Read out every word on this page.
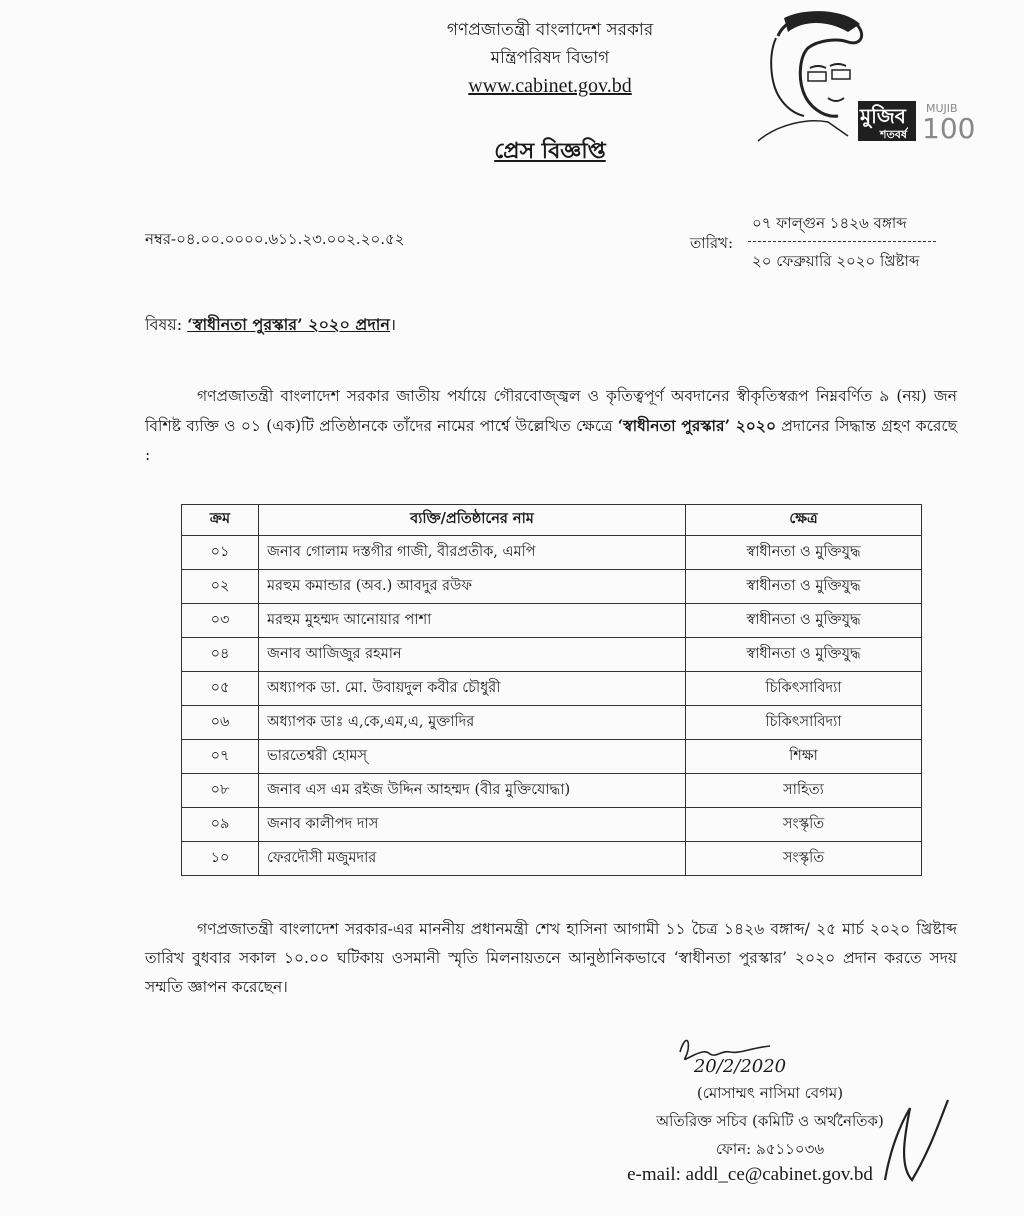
গণপ্রজাতন্ত্রী বাংলাদেশ সরকার
মন্ত্রিপরিষদ বিভাগ
www.cabinet.gov.bd
মুজিব
শতবর্ষ
MUJIB
100
প্রেস বিজ্ঞপ্তি
নম্বর-০৪.০০.০০০০.৬১১.২৩.০০২.২০.৫২
০৭ ফাল্গুন ১৪২৬ বঙ্গাব্দ
তারিখ:
২০ ফেব্রুয়ারি ২০২০ খ্রিষ্টাব্দ
বিষয়: ‘স্বাধীনতা পুরস্কার’ ২০২০ প্রদান।
গণপ্রজাতন্ত্রী বাংলাদেশ সরকার জাতীয় পর্যায়ে গৌরবোজ্জ্বল ও কৃতিত্বপূর্ণ অবদানের স্বীকৃতিস্বরূপ নিম্নবর্ণিত ৯ (নয়) জন বিশিষ্ট ব্যক্তি ও ০১ (এক)টি প্রতিষ্ঠানকে তাঁদের নামের পার্শ্বে উল্লেখিত ক্ষেত্রে ‘স্বাধীনতা পুরস্কার’ ২০২০ প্রদানের সিদ্ধান্ত গ্রহণ করেছে :
ক্রম	ব্যক্তি/প্রতিষ্ঠানের নাম	ক্ষেত্র
০১	জনাব গোলাম দস্তগীর গাজী, বীরপ্রতীক, এমপি	স্বাধীনতা ও মুক্তিযুদ্ধ
০২	মরহুম কমান্ডার (অব.) আবদুর রউফ	স্বাধীনতা ও মুক্তিযুদ্ধ
০৩	মরহুম মুহম্মদ আনোয়ার পাশা	স্বাধীনতা ও মুক্তিযুদ্ধ
০৪	জনাব আজিজুর রহমান	স্বাধীনতা ও মুক্তিযুদ্ধ
০৫	অধ্যাপক ডা. মো. উবায়দুল কবীর চৌধুরী	চিকিৎসাবিদ্যা
০৬	অধ্যাপক ডাঃ এ,কে,এম,এ, মুক্তাদির	চিকিৎসাবিদ্যা
০৭	ভারতেশ্বরী হোমস্	শিক্ষা
০৮	জনাব এস এম রইজ উদ্দিন আহম্মদ (বীর মুক্তিযোদ্ধা)	সাহিত্য
০৯	জনাব কালীপদ দাস	সংস্কৃতি
১০	ফেরদৌসী মজুমদার	সংস্কৃতি
গণপ্রজাতন্ত্রী বাংলাদেশ সরকার-এর মাননীয় প্রধানমন্ত্রী শেখ হাসিনা আগামী ১১ চৈত্র ১৪২৬ বঙ্গাব্দ/ ২৫ মার্চ ২০২০ খ্রিষ্টাব্দ তারিখ বুধবার সকাল ১০.০০ ঘটিকায় ওসমানী স্মৃতি মিলনায়তনে আনুষ্ঠানিকভাবে ‘স্বাধীনতা পুরস্কার’ ২০২০ প্রদান করতে সদয় সম্মতি জ্ঞাপন করেছেন।
20/2/2020
(মোসাম্মৎ নাসিমা বেগম)
অতিরিক্ত সচিব (কমিটি ও অর্থনৈতিক)
ফোন: ৯৫১১০৩৬
e-mail: addl_ce@cabinet.gov.bd
